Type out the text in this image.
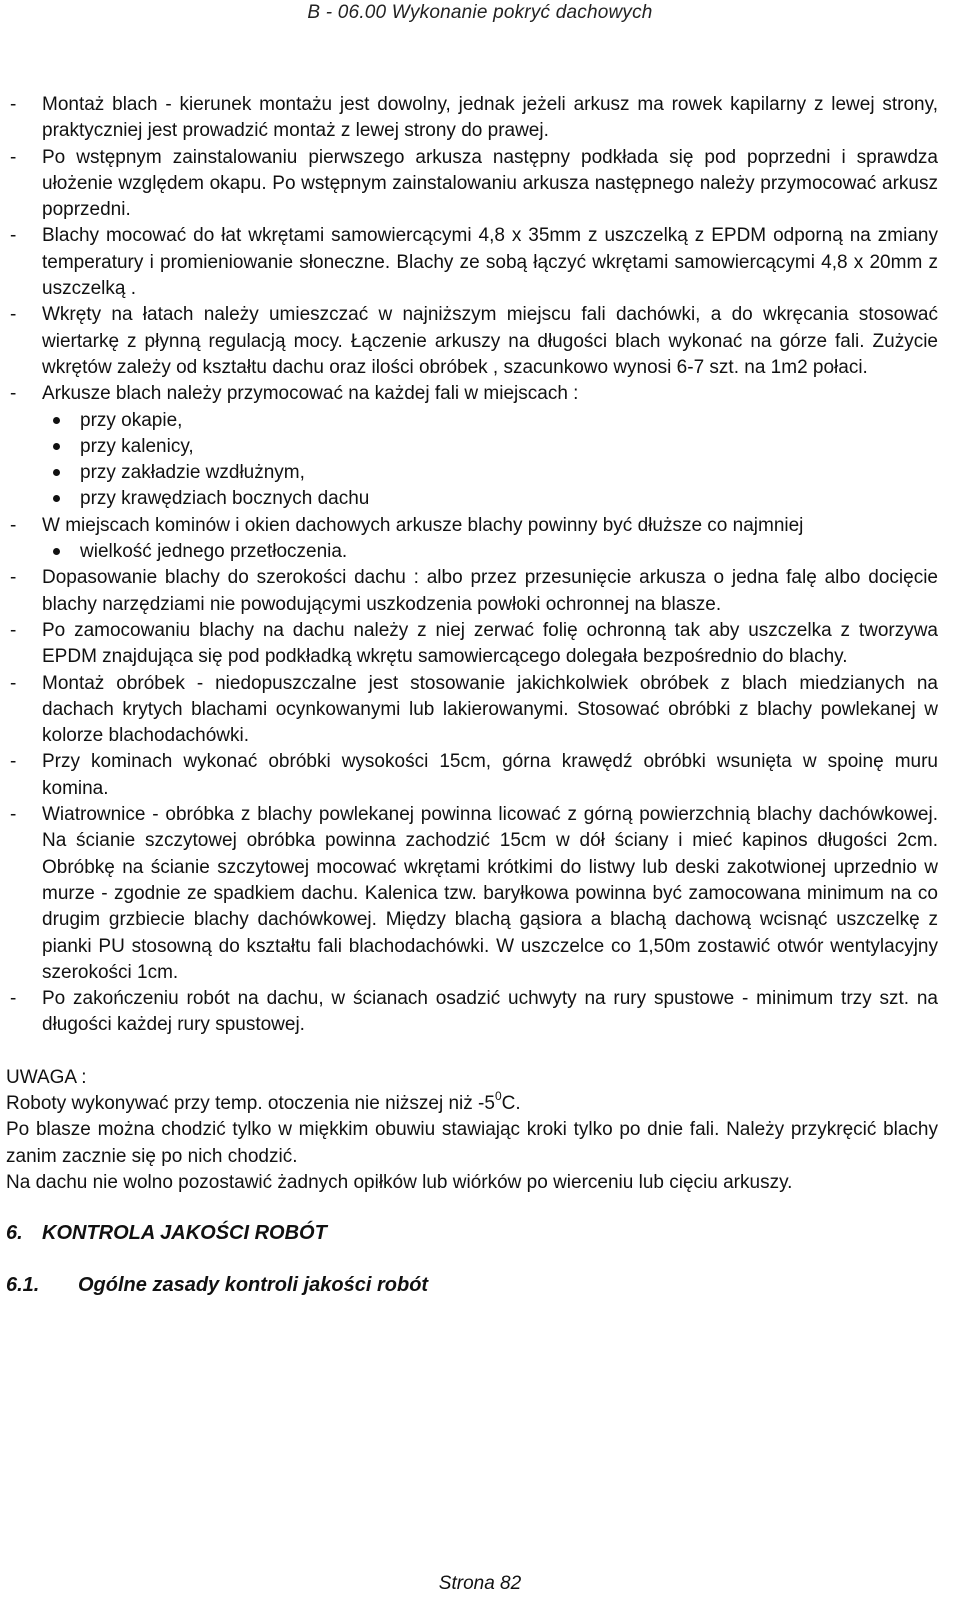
B - 06.00 Wykonanie pokryć dachowych
- Montaż blach - kierunek montażu jest dowolny, jednak jeżeli arkusz ma rowek kapilarny z lewej strony, praktyczniej jest prowadzić montaż z lewej strony do prawej.
- Po wstępnym zainstalowaniu pierwszego arkusza następny podkłada się pod poprzedni i sprawdza ułożenie względem okapu. Po wstępnym zainstalowaniu arkusza następnego należy przymocować arkusz poprzedni.
- Blachy mocować do łat wkrętami samowiercącymi 4,8 x 35mm z uszczelką z EPDM odporną na zmiany temperatury i promieniowanie słoneczne. Blachy ze sobą łączyć wkrętami samowiercącymi 4,8 x 20mm z uszczelką .
- Wkręty na łatach należy umieszczać w najniższym miejscu fali dachówki, a do wkręcania stosować wiertarkę z płynną regulacją mocy. Łączenie arkuszy na długości blach wykonać na górze fali. Zużycie wkrętów zależy od kształtu dachu oraz ilości obróbek , szacunkowo wynosi 6-7 szt. na 1m2 połaci.
- Arkusze blach należy przymocować na każdej fali w miejscach :
przy okapie,
przy kalenicy,
przy zakładzie wzdłużnym,
przy krawędziach bocznych dachu
- W miejscach kominów i okien dachowych arkusze blachy powinny być dłuższe co najmniej
wielkość jednego przetłoczenia.
- Dopasowanie blachy do szerokości dachu : albo przez przesunięcie arkusza o jedna falę albo docięcie blachy narzędziami nie powodującymi uszkodzenia powłoki ochronnej na blasze.
- Po zamocowaniu blachy na dachu należy z niej zerwać folię ochronną tak aby uszczelka z tworzywa EPDM znajdująca się pod podkładką wkrętu samowiercącego dolegała bezpośrednio do blachy.
- Montaż obróbek - niedopuszczalne jest stosowanie jakichkolwiek obróbek z blach miedzianych na dachach krytych blachami ocynkowanymi lub lakierowanymi. Stosować obróbki z blachy powlekanej w kolorze blachodachówki.
- Przy kominach wykonać obróbki wysokości 15cm, górna krawędź obróbki wsunięta w spoinę muru komina.
- Wiatrownice - obróbka z blachy powlekanej powinna licować z górną powierzchnią blachy dachówkowej. Na ścianie szczytowej obróbka powinna zachodzić 15cm w dół ściany i mieć kapinos długości 2cm. Obróbkę na ścianie szczytowej mocować wkrętami krótkimi do listwy lub deski zakotwionej uprzednio w murze - zgodnie ze spadkiem dachu. Kalenica tzw. baryłkowa powinna być zamocowana minimum na co drugim grzbiecie blachy dachówkowej. Między blachą gąsiora a blachą dachową wcisnąć uszczelkę z pianki PU stosowną do kształtu fali blachodachówki. W uszczelce co 1,50m zostawić otwór wentylacyjny szerokości 1cm.
- Po zakończeniu robót na dachu, w ścianach osadzić uchwyty na rury spustowe - minimum trzy szt. na długości każdej rury spustowej.

UWAGA :

Roboty wykonywać przy temp. otoczenia nie niższej niż $-5^0C$.

Po blasze można chodzić tylko w miękkim obuwiu stawiając kroki tylko po dnie fali. Należy przykręcić blachy zanim zacznie się po nich chodzić.

Na dachu nie wolno pozostawić żadnych opiłków lub wiórków po wierceniu lub cięciu arkuszy.

6. KONTROLA JAKOŚCI ROBÓT
6.1. Ogólne zasady kontroli jakości robót
Strona 82
